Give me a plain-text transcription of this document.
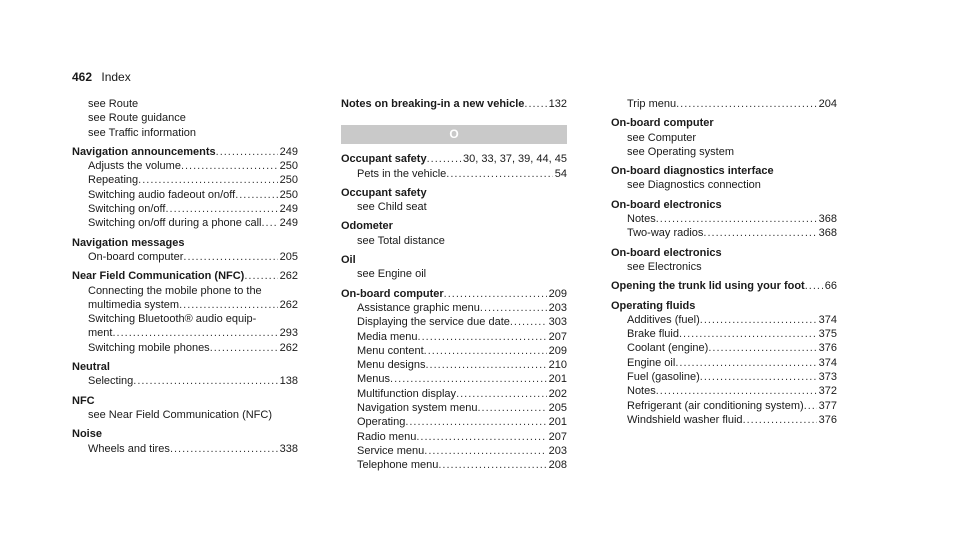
462 Index
see Route
see Route guidance
see Traffic information
Navigation announcements .....	249
Adjusts the volume .....	250
Repeating .....	250
Switching audio fadeout on/off .....	250
Switching on/off .....	249
Switching on/off during a phone call ..... 249
Navigation messages
On-board computer .....	205
Near Field Communication (NFC) .....	262
Connecting the mobile phone to the
multimedia system .....	262
Switching Bluetooth® audio equip-
ment .....	293
Switching mobile phones .....	262
Neutral
Selecting .....	138
NFC
see Near Field Communication (NFC)
Noise
Wheels and tires .....	338
Notes on breaking-in a new vehicle ..... 132
O
Occupant safety .....	30, 33, 37, 39, 44, 45
Pets in the vehicle .....	54
Occupant safety
see Child seat
Odometer
see Total distance
Oil
see Engine oil
On-board computer .....	209
Assistance graphic menu .....	203
Displaying the service due date .....	303
Media menu .....	207
Menu content .....	209
Menu designs .....	210
Menus .....	201
Multifunction display .....	202
Navigation system menu .....	205
Operating .....	201
Radio menu .....	207
Service menu .....	203
Telephone menu .....	208
Trip menu .....	204
On-board computer
see Computer
see Operating system
On-board diagnostics interface
see Diagnostics connection
On-board electronics
Notes .....	368
Two-way radios .....	368
On-board electronics
see Electronics
Opening the trunk lid using your foot ..... 66
Operating fluids
Additives (fuel) .....	374
Brake fluid .....	375
Coolant (engine) .....	376
Engine oil .....	374
Fuel (gasoline) .....	373
Notes .....	372
Refrigerant (air conditioning system) ..... 377
Windshield washer fluid .....	376
